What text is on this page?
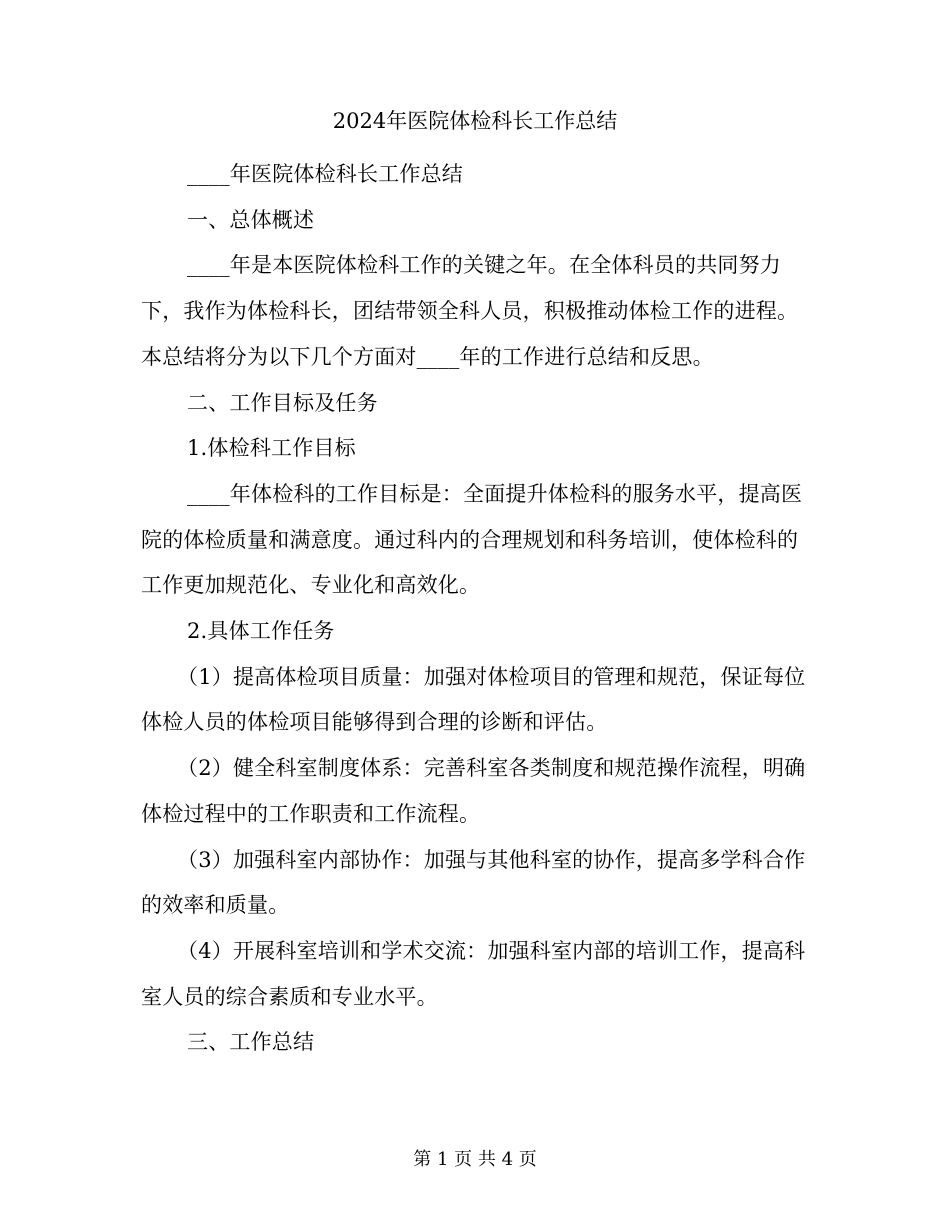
2024年医院体检科长工作总结

____年医院体检科长工作总结

一、总体概述

____年是本医院体检科工作的关键之年。在全体科员的共同努力下，我作为体检科长，团结带领全科人员，积极推动体检工作的进程。本总结将分为以下几个方面对____年的工作进行总结和反思。

二、工作目标及任务

1.体检科工作目标

____年体检科的工作目标是：全面提升体检科的服务水平，提高医院的体检质量和满意度。通过科内的合理规划和科务培训，使体检科的工作更加规范化、专业化和高效化。

2.具体工作任务

（1）提高体检项目质量：加强对体检项目的管理和规范，保证每位体检人员的体检项目能够得到合理的诊断和评估。

（2）健全科室制度体系：完善科室各类制度和规范操作流程，明确体检过程中的工作职责和工作流程。

（3）加强科室内部协作：加强与其他科室的协作，提高多学科合作的效率和质量。

（4）开展科室培训和学术交流：加强科室内部的培训工作，提高科室人员的综合素质和专业水平。

三、工作总结

第 1 页 共 4 页
